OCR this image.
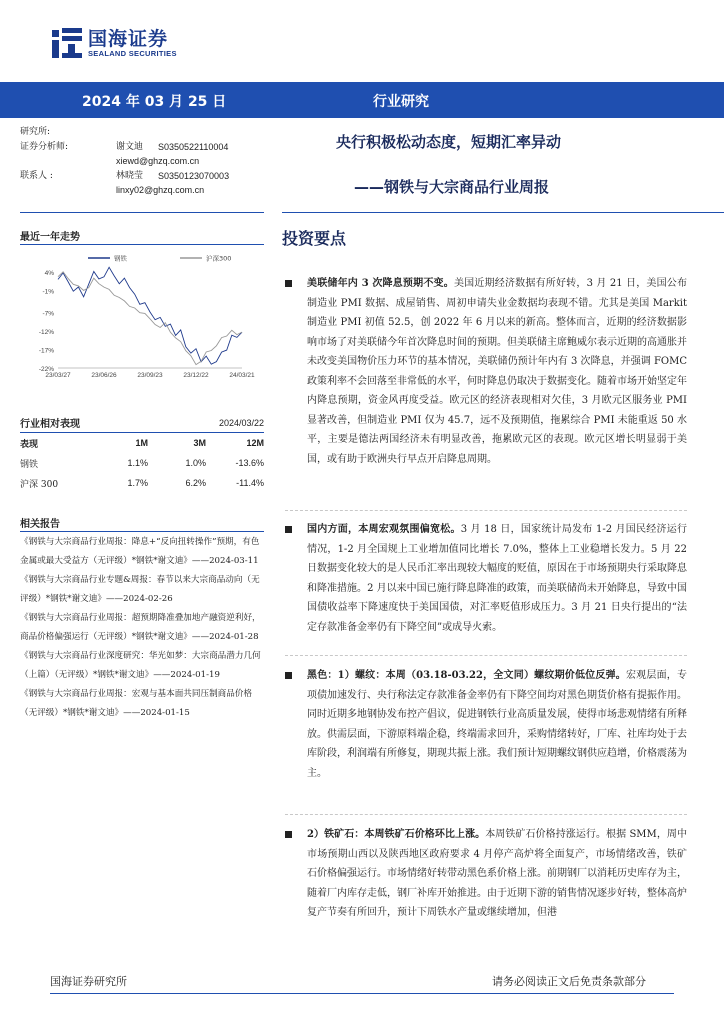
国海证券
SEALAND SECURITIES
2024 年 03 月 25 日	行业研究
研究所:
证券分析师:	谢文迪	S0350522110004
xiewd@ghzq.com.cn
联系人 :	林晓莹	S0350123070003
linxy02@ghzq.com.cn
央行积极松动态度，短期汇率异动
——钢铁与大宗商品行业周报
最近一年走势
4%
-1%
-7%
-12%
-17%
-22%
23/03/27	23/06/26	23/09/23	23/12/22	24/03/21
钢铁	沪深300
行业相对表现	2024/03/22
表现	1M	3M	12M
钢铁	1.1%	1.0%	-13.6%
沪深 300	1.7%	6.2%	-11.4%
相关报告
《钢铁与大宗商品行业周报：降息+“反向扭转操作”预期，有色金属或最大受益方（无评级）*钢铁*谢文迪》——2024-03-11
《钢铁与大宗商品行业专题&周报：春节以来大宗商品动向（无评级）*钢铁*谢文迪》——2024-02-26
《钢铁与大宗商品行业周报：超预期降准叠加地产融资逆利好，商品价格偏强运行（无评级）*钢铁*谢文迪》——2024-01-28
《钢铁与大宗商品行业深度研究：华光如梦：大宗商品潜力几何（上篇）（无评级）*钢铁*谢文迪》——2024-01-19
《钢铁与大宗商品行业周报：宏观与基本面共同压制商品价格（无评级）*钢铁*谢文迪》——2024-01-15
投资要点
美联储年内 3 次降息预期不变。美国近期经济数据有所好转，3 月 21 日，美国公布制造业 PMI 数据、成屋销售、周初申请失业金数据均表现不错。尤其是美国 Markit 制造业 PMI 初值 52.5，创 2022 年 6 月以来的新高。整体而言，近期的经济数据影响市场了对美联储今年首次降息时间的预期。但美联储主席鲍威尔表示近期的高通胀并未改变美国物价压力环节的基本情况，美联储仍预计年内有 3 次降息，并强调 FOMC 政策利率不会回落至非常低的水平，何时降息仍取决于数据变化。随着市场开始坚定年内降息预期，资金风再度受益。欧元区的经济表现相对欠佳，3 月欧元区服务业 PMI 显著改善，但制造业 PMI 仅为 45.7，远不及预期值，拖累综合 PMI 未能重返 50 水平，主要是德法两国经济未有明显改善，拖累欧元区的表现。欧元区增长明显弱于美国，或有助于欧洲央行早点开启降息周期。
国内方面，本周宏观氛围偏宽松。3 月 18 日，国家统计局发布 1-2 月国民经济运行情况，1-2 月全国规上工业增加值同比增长 7.0%，整体上工业稳增长发力。5 月 22 日数据变化较大的是人民币汇率出现较大幅度的贬值，原因在于市场预期央行采取降息和降准措施。2 月以来中国已施行降息降准的政策，而美联储尚未开始降息，导致中国国债收益率下降速度快于美国国债，对汇率贬值形成压力。3 月 21 日央行提出的“法定存款准备金率仍有下降空间”或成导火索。
黑色：1）螺纹：本周（03.18-03.22，全文同）螺纹期价低位反弹。宏观层面，专项债加速发行、央行称法定存款准备金率仍有下降空间均对黑色期货价格有提振作用。同时近期多地钢协发布控产倡议，促进钢铁行业高质量发展，使得市场悲观情绪有所释放。供需层面，下游原料端企稳，终端需求回升，采购情绪转好，厂库、社库均处于去库阶段，利润端有所修复，期现共振上涨。我们预计短期螺纹钢供应趋增，价格震荡为主。
2）铁矿石：本周铁矿石价格环比上涨。本周铁矿石价格持涨运行。根据 SMM，周中市场预期山西以及陕西地区政府要求 4 月停产高炉将全面复产，市场情绪改善，铁矿石价格偏强运行。市场情绪好转带动黑色系价格上涨。前期钢厂以消耗历史库存为主，随着厂内库存走低，钢厂补库开始推进。由于近期下游的销售情况逐步好转，整体高炉复产节奏有所回升，预计下周铁水产量或继续增加，但港
国海证券研究所	请务必阅读正文后免责条款部分
